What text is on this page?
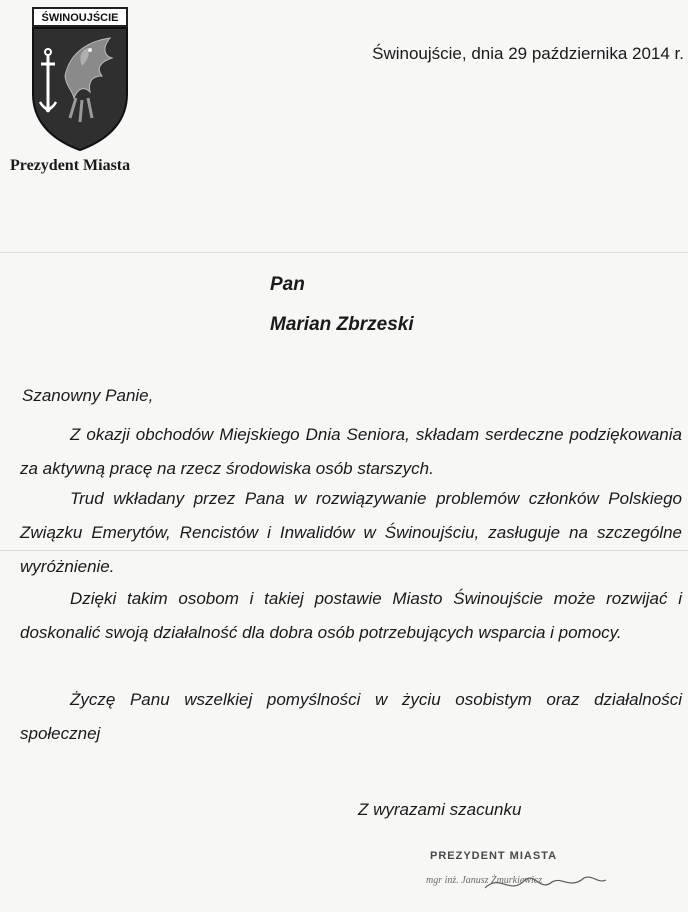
ŚWINOUJŚCIE
Prezydent Miasta
Świnoujście, dnia 29 października 2014 r.
Pan
Marian Zbrzeski
Szanowny Panie,

Z okazji obchodów Miejskiego Dnia Seniora, składam serdeczne podziękowania za aktywną pracę na rzecz środowiska osób starszych.

Trud wkładany przez Pana w rozwiązywanie problemów członków Polskiego Związku Emerytów, Rencistów i Inwalidów w Świnoujściu, zasługuje na szczególne wyróżnienie.

Dzięki takim osobom i takiej postawie Miasto Świnoujście może rozwijać i doskonalić swoją działalność dla dobra osób potrzebujących wsparcia i pomocy.

Życzę Panu wszelkiej pomyślności w życiu osobistym oraz działalności społecznej

Z wyrazami szacunku
PREZYDENT MIASTA
mgr inż. Janusz Żmurkiewicz
